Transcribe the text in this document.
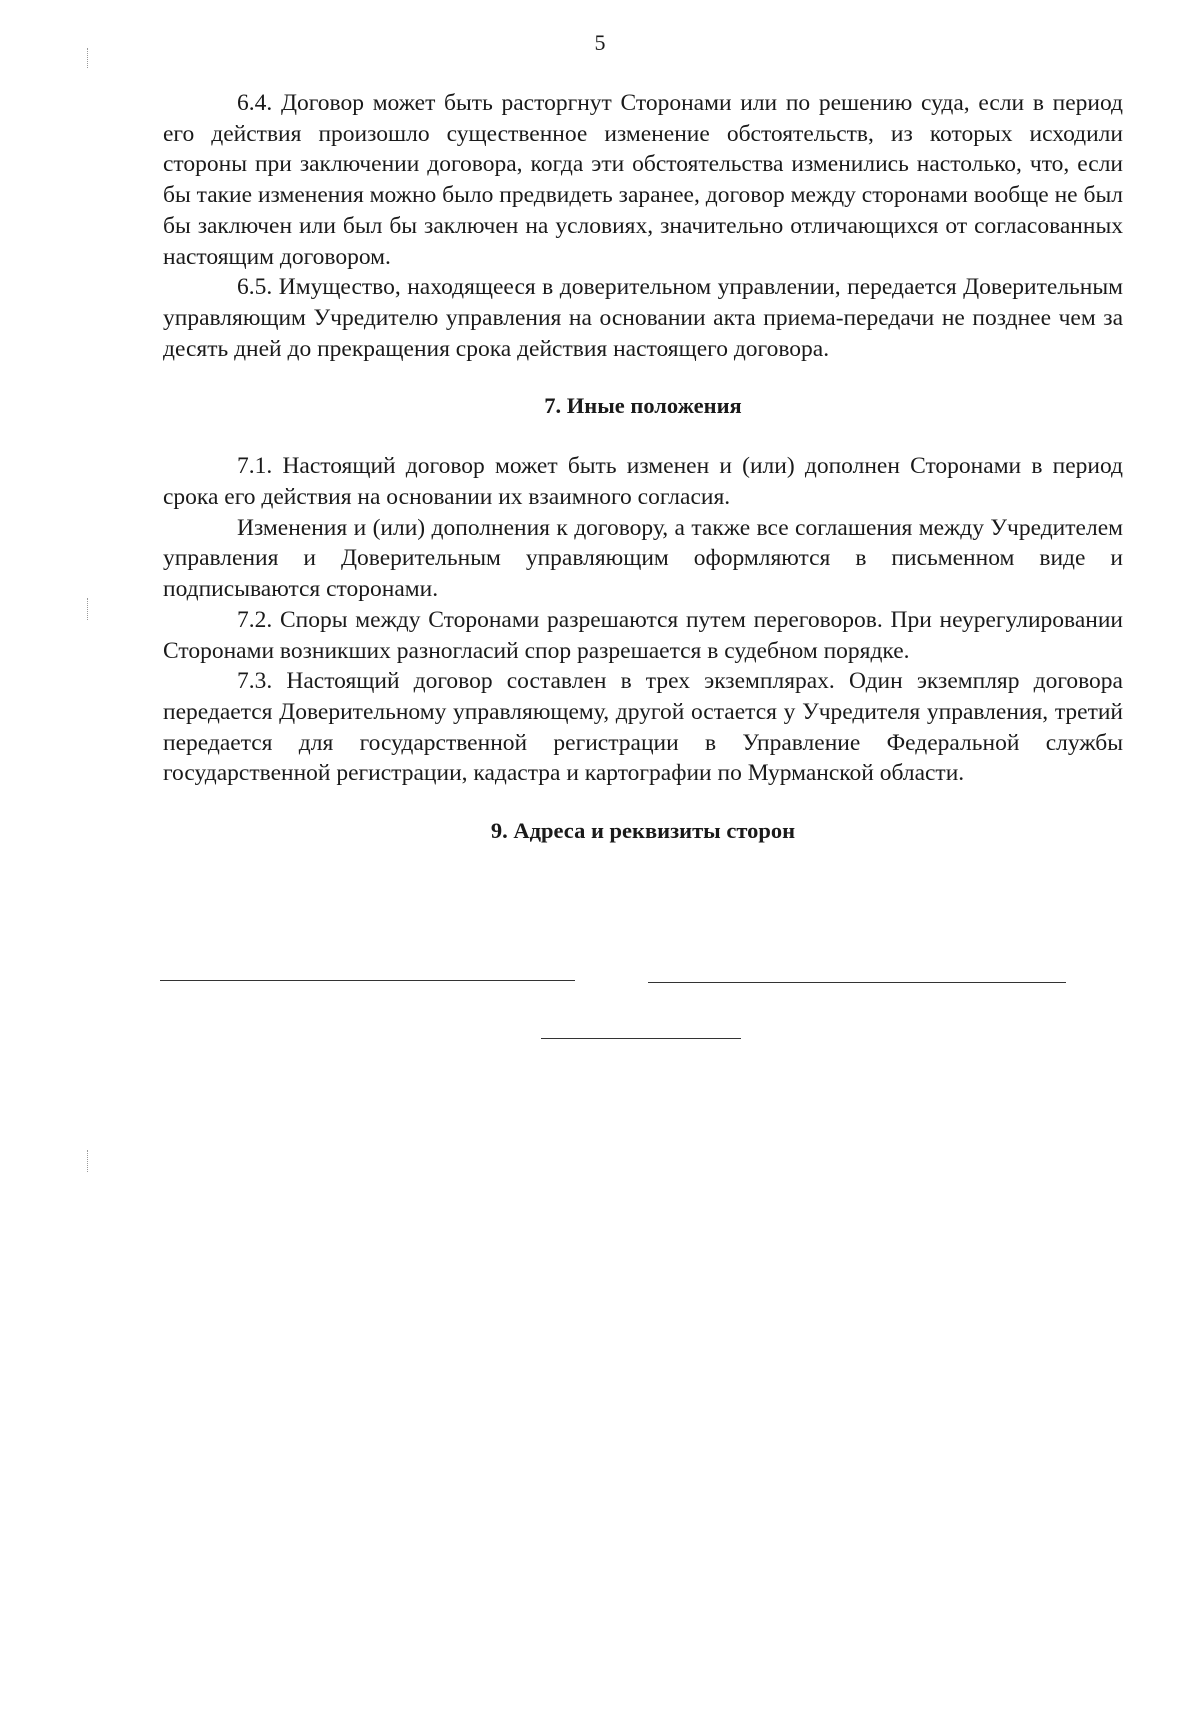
5

6.4. Договор может быть расторгнут Сторонами или по решению суда, если в период его действия произошло существенное изменение обстоятельств, из которых исходили стороны при заключении договора, когда эти обстоятельства изменились настолько, что, если бы такие изменения можно было предвидеть заранее, договор между сторонами вообще не был бы заключен или был бы заключен на условиях, значительно отличающихся от согласованных настоящим договором.

6.5. Имущество, находящееся в доверительном управлении, передается Доверительным управляющим Учредителю управления на основании акта приема-передачи не позднее чем за десять дней до прекращения срока действия настоящего договора.

7. Иные положения

7.1. Настоящий договор может быть изменен и (или) дополнен Сторонами в период срока его действия на основании их взаимного согласия.

Изменения и (или) дополнения к договору, а также все соглашения между Учредителем управления и Доверительным управляющим оформляются в письменном виде и подписываются сторонами.

7.2. Споры между Сторонами разрешаются путем переговоров. При неурегулировании Сторонами возникших разногласий спор разрешается в судебном порядке.

7.3. Настоящий договор составлен в трех экземплярах. Один экземпляр договора передается Доверительному управляющему, другой остается у Учредителя управления, третий передается для государственной регистрации в Управление Федеральной службы государственной регистрации, кадастра и картографии по Мурманской области.

9. Адреса и реквизиты сторон
